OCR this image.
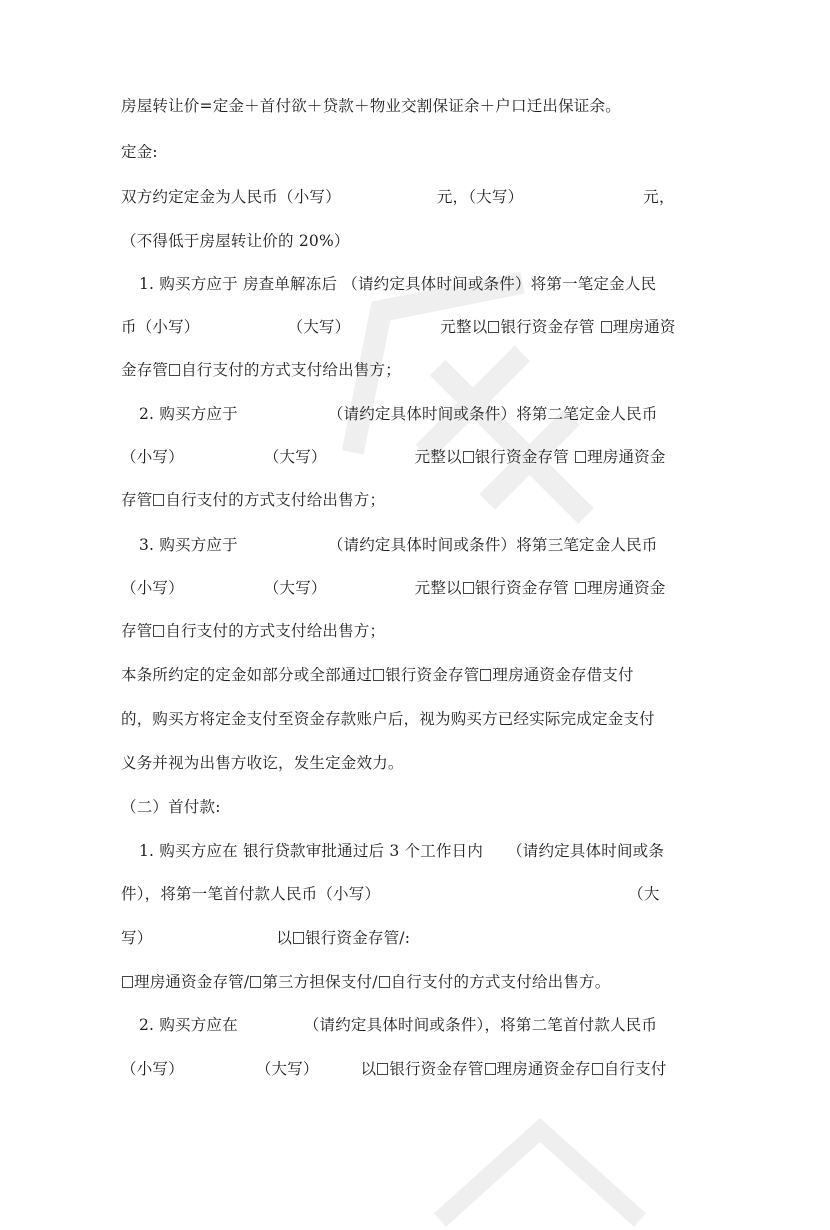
房屋转让价=定金＋首付欲＋贷款＋物业交割保证余＋户口迁出保证余。
定金:
双方约定定金为人民币（小写）	元，（大写）	元，
（不得低于房屋转让价的 20%）
1. 购买方应于 房查单解冻后 （请约定具体时间或条件）将第一笔定金人民
币（小写）	（大写）	元整以 银行资金存管 理房通资
金存管 自行支付的方式支付给出售方；
2. 购买方应于	（请约定具体时间或条件）将第二笔定金人民币
（小写）	（大写）	元整以 银行资金存管 理房通资金
存管 自行支付的方式支付给出售方；
3. 购买方应于	（请约定具体时间或条件）将第三笔定金人民币
（小写）	（大写）	元整以 银行资金存管 理房通资金
存管 自行支付的方式支付给出售方；
本条所约定的定金如部分或全部通过 银行资金存管 理房通资金存借支付
的，购买方将定金支付至资金存款账户后，视为购买方已经实际完成定金支付
义务并视为出售方收讫，发生定金效力。
（二）首付款:
1. 购买方应在 银行贷款审批通过后 3 个工作日内 （请约定具体时间或条
件），将第一笔首付款人民币（小写）	（大
写）	以 银行资金存管/:
理房通资金存管/ 第三方担保支付/ 自行支付的方式支付给出售方。
2. 购买方应在	（请约定具体时间或条件），将第二笔首付款人民币
（小写）	（大写）	以 银行资金存管 理房通资金存 自行支付
